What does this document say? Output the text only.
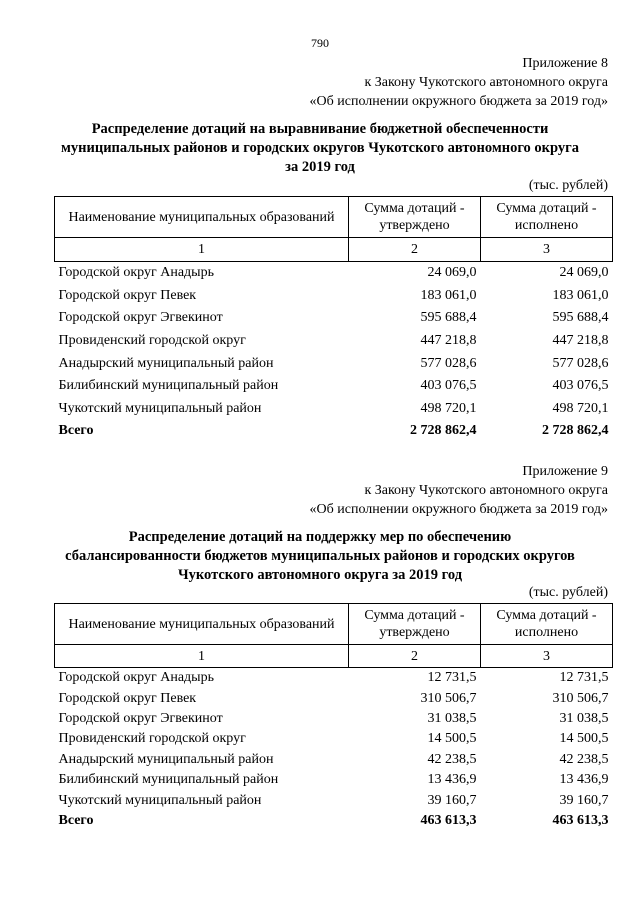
790
Приложение 8
к Закону Чукотского автономного округа
«Об исполнении окружного бюджета за 2019 год»
Распределение дотаций на выравнивание бюджетной обеспеченности
муниципальных районов и городских округов Чукотского автономного округа
за 2019 год
(тыс. рублей)
Наименование муниципальных образований	Сумма дотаций - утверждено	Сумма дотаций - исполнено
1	2	3
Городской округ Анадырь	24 069,0	24 069,0
Городской округ Певек	183 061,0	183 061,0
Городской округ Эгвекинот	595 688,4	595 688,4
Провиденский городской округ	447 218,8	447 218,8
Анадырский муниципальный район	577 028,6	577 028,6
Билибинский муниципальный район	403 076,5	403 076,5
Чукотский муниципальный район	498 720,1	498 720,1
Всего	2 728 862,4	2 728 862,4
Приложение 9
к Закону Чукотского автономного округа
«Об исполнении окружного бюджета за 2019 год»
Распределение дотаций на поддержку мер по обеспечению
сбалансированности бюджетов муниципальных районов и городских округов
Чукотского автономного округа за 2019 год
(тыс. рублей)
Наименование муниципальных образований	Сумма дотаций - утверждено	Сумма дотаций - исполнено
1	2	3
Городской округ Анадырь	12 731,5	12 731,5
Городской округ Певек	310 506,7	310 506,7
Городской округ Эгвекинот	31 038,5	31 038,5
Провиденский городской округ	14 500,5	14 500,5
Анадырский муниципальный район	42 238,5	42 238,5
Билибинский муниципальный район	13 436,9	13 436,9
Чукотский муниципальный район	39 160,7	39 160,7
Всего	463 613,3	463 613,3
